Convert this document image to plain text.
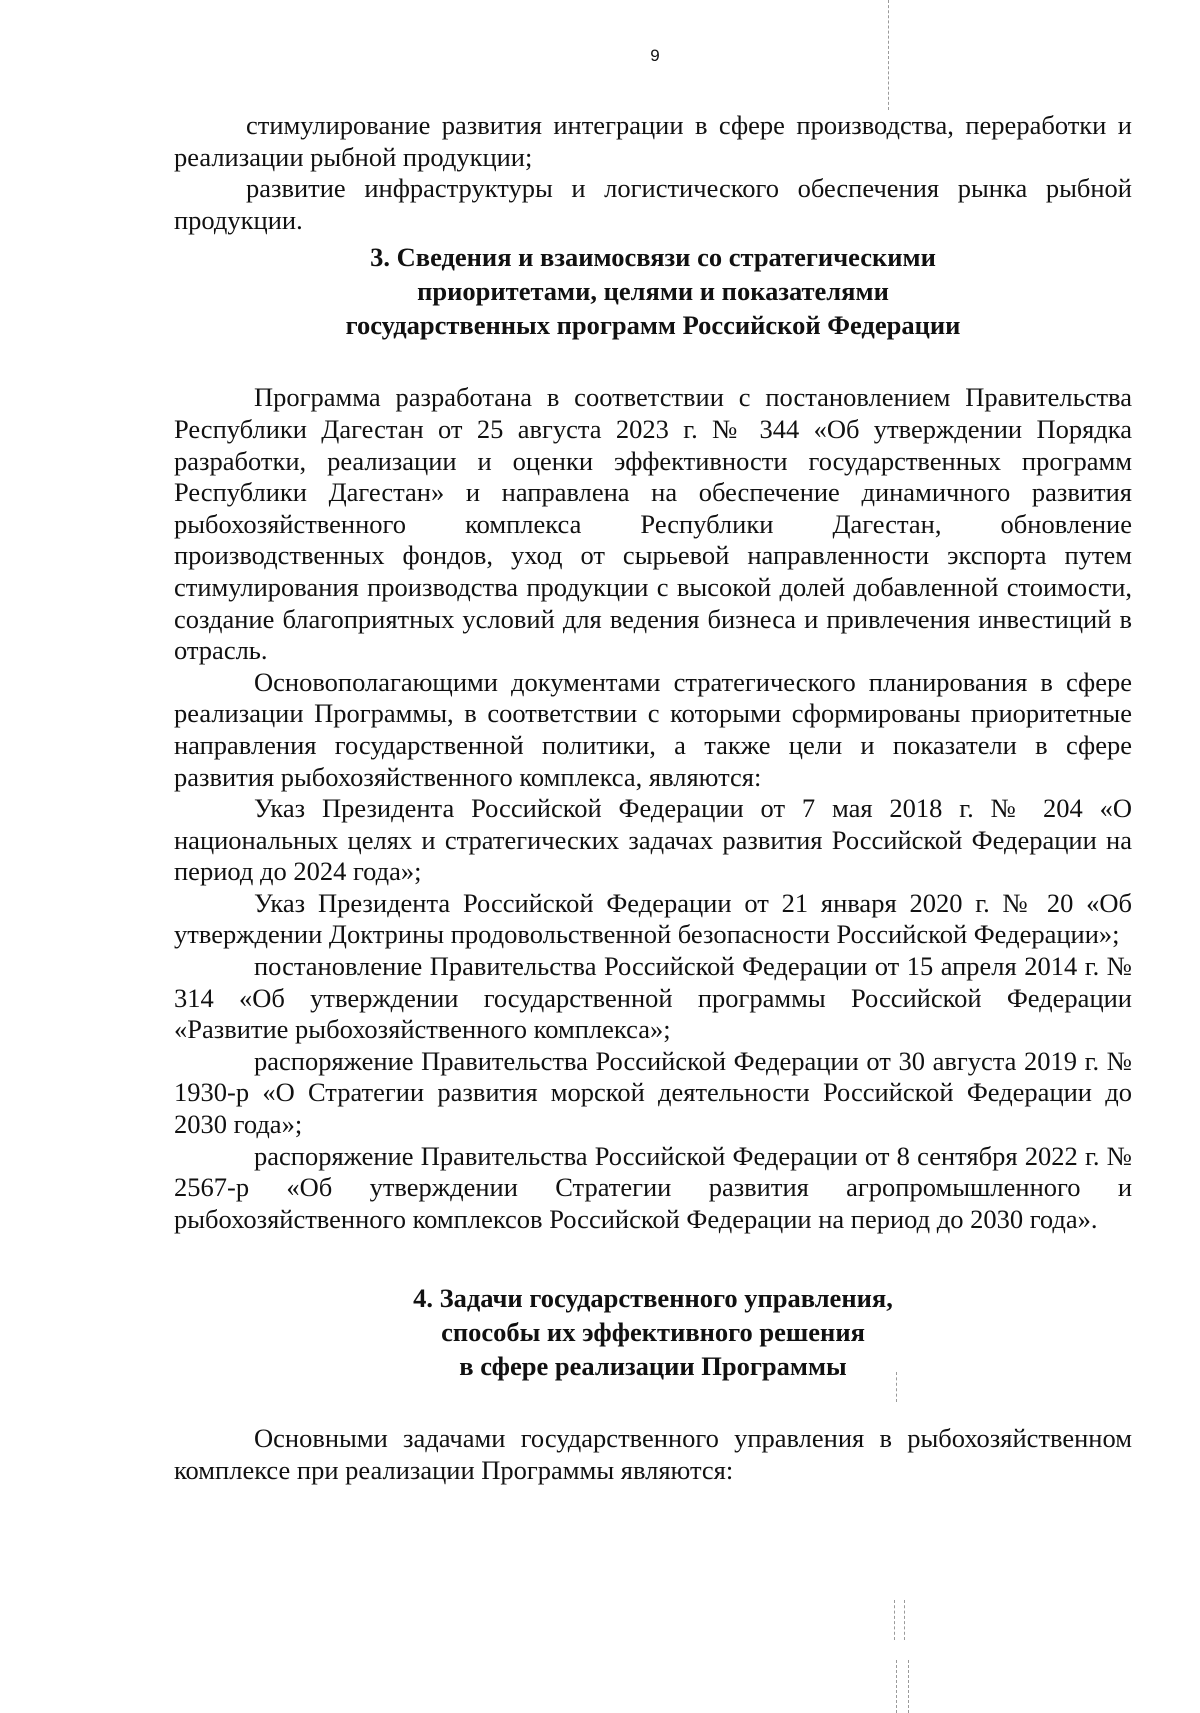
9

стимулирование развития интеграции в сфере производства, переработки и реализации рыбной продукции;

развитие инфраструктуры и логистического обеспечения рынка рыбной продукции.

3. Сведения и взаимосвязи со стратегическими
приоритетами, целями и показателями
государственных программ Российской Федерации

Программа разработана в соответствии с постановлением Правительства Республики Дагестан от 25 августа 2023 г. № 344 «Об утверждении Порядка разработки, реализации и оценки эффективности государственных программ Республики Дагестан» и направлена на обеспечение динамичного развития рыбохозяйственного комплекса Республики Дагестан, обновление производственных фондов, уход от сырьевой направленности экспорта путем стимулирования производства продукции с высокой долей добавленной стоимости, создание благоприятных условий для ведения бизнеса и привлечения инвестиций в отрасль.

Основополагающими документами стратегического планирования в сфере реализации Программы, в соответствии с которыми сформированы приоритетные направления государственной политики, а также цели и показатели в сфере развития рыбохозяйственного комплекса, являются:

Указ Президента Российской Федерации от 7 мая 2018 г. № 204 «О национальных целях и стратегических задачах развития Российской Федерации на период до 2024 года»;

Указ Президента Российской Федерации от 21 января 2020 г. № 20 «Об утверждении Доктрины продовольственной безопасности Российской Федерации»;

постановление Правительства Российской Федерации от 15 апреля 2014 г. № 314 «Об утверждении государственной программы Российской Федерации «Развитие рыбохозяйственного комплекса»;

распоряжение Правительства Российской Федерации от 30 августа 2019 г. № 1930-р «О Стратегии развития морской деятельности Российской Федерации до 2030 года»;

распоряжение Правительства Российской Федерации от 8 сентября 2022 г. № 2567-р «Об утверждении Стратегии развития агропромышленного и рыбохозяйственного комплексов Российской Федерации на период до 2030 года».

4. Задачи государственного управления,
способы их эффективного решения
в сфере реализации Программы

Основными задачами государственного управления в рыбохозяйственном комплексе при реализации Программы являются:
